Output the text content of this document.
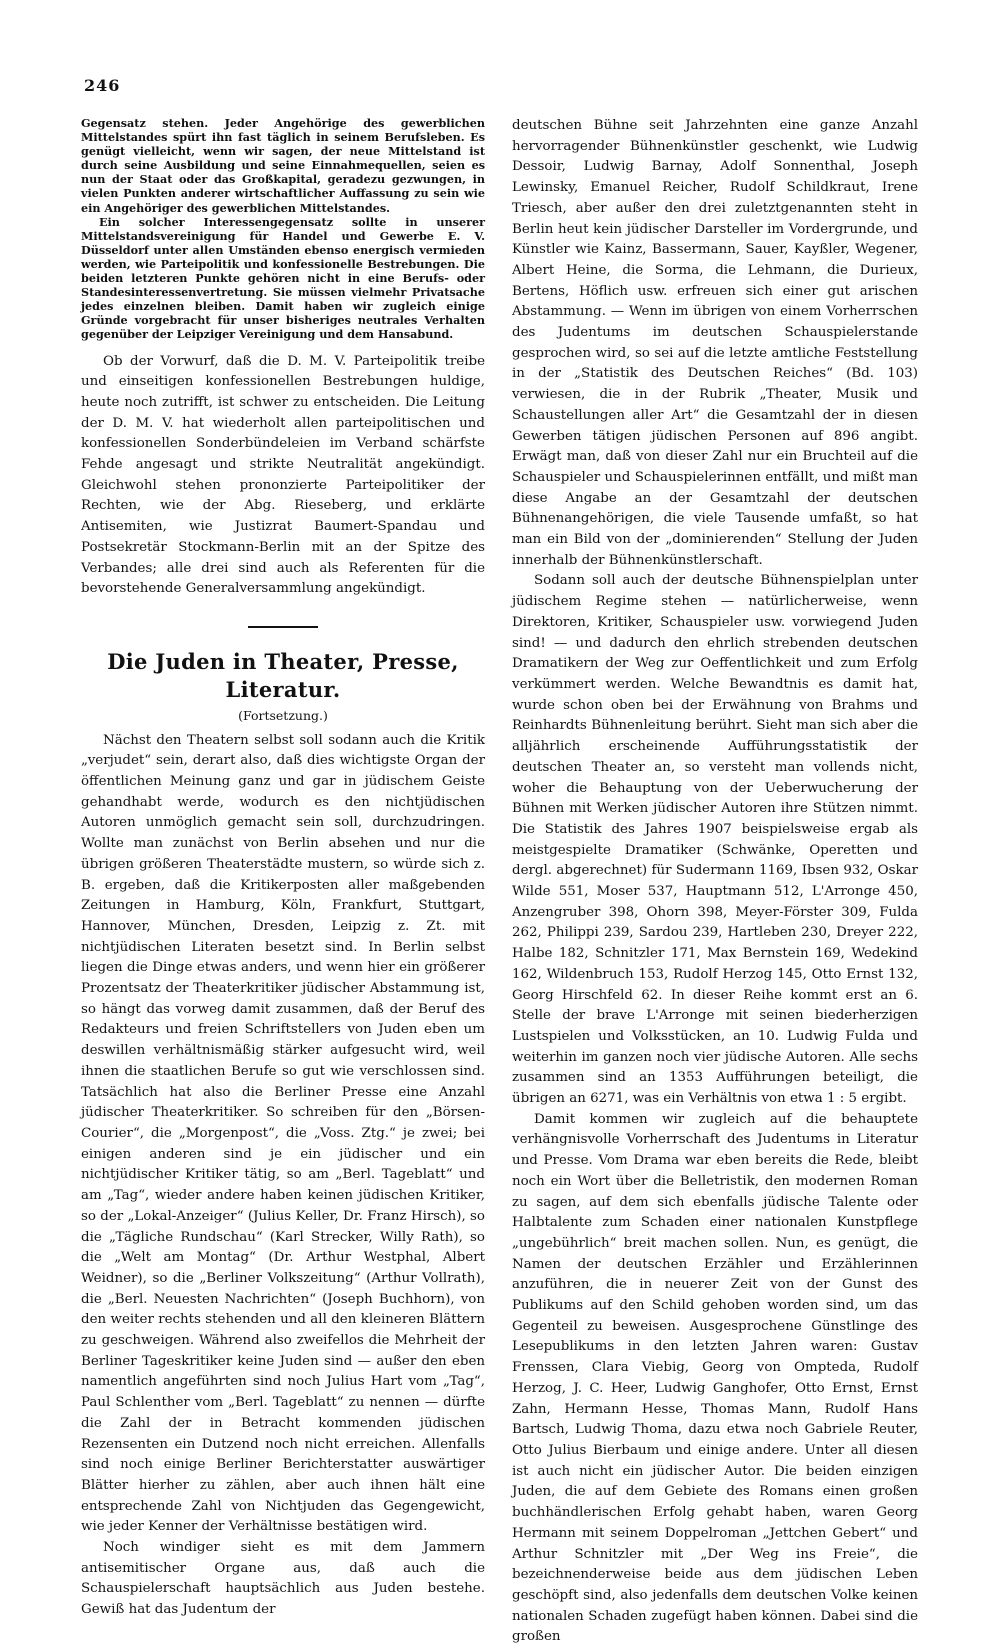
246

Gegensatz stehen. Jeder Angehörige des gewerblichen Mittelstandes spürt ihn fast täglich in seinem Berufsleben. Es genügt vielleicht, wenn wir sagen, der neue Mittelstand ist durch seine Ausbildung und seine Einnahmequellen, seien es nun der Staat oder das Großkapital, geradezu gezwungen, in vielen Punkten anderer wirtschaftlicher Auffassung zu sein wie ein Angehöriger des gewerblichen Mittelstandes.

Ein solcher Interessengegensatz sollte in unserer Mittelstandsvereinigung für Handel und Gewerbe E. V. Düsseldorf unter allen Umständen ebenso energisch vermieden werden, wie Parteipolitik und konfessionelle Bestrebungen. Die beiden letzteren Punkte gehören nicht in eine Berufs- oder Standesinteressenvertretung. Sie müssen vielmehr Privatsache jedes einzelnen bleiben. Damit haben wir zugleich einige Gründe vorgebracht für unser bisheriges neutrales Verhalten gegenüber der Leipziger Vereinigung und dem Hansabund.

Ob der Vorwurf, daß die D. M. V. Parteipolitik treibe und einseitigen konfessionellen Bestrebungen huldige, heute noch zutrifft, ist schwer zu entscheiden. Die Leitung der D. M. V. hat wiederholt allen parteipolitischen und konfessionellen Sonderbündeleien im Verband schärfste Fehde angesagt und strikte Neutralität angekündigt. Gleichwohl stehen prononzierte Parteipolitiker der Rechten, wie der Abg. Rieseberg, und erklärte Antisemiten, wie Justizrat Baumert-Spandau und Postsekretär Stockmann-Berlin mit an der Spitze des Verbandes; alle drei sind auch als Referenten für die bevorstehende Generalversammlung angekündigt.

Die Juden in Theater, Presse, Literatur.
(Fortsetzung.)

Nächst den Theatern selbst soll sodann auch die Kritik „verjudet“ sein, derart also, daß dies wichtigste Organ der öffentlichen Meinung ganz und gar in jüdischem Geiste gehandhabt werde, wodurch es den nichtjüdischen Autoren unmöglich gemacht sein soll, durchzudringen. Wollte man zunächst von Berlin absehen und nur die übrigen größeren Theaterstädte mustern, so würde sich z. B. ergeben, daß die Kritikerposten aller maßgebenden Zeitungen in Hamburg, Köln, Frankfurt, Stuttgart, Hannover, München, Dresden, Leipzig z. Zt. mit nichtjüdischen Literaten besetzt sind. In Berlin selbst liegen die Dinge etwas anders, und wenn hier ein größerer Prozentsatz der Theaterkritiker jüdischer Abstammung ist, so hängt das vorweg damit zusammen, daß der Beruf des Redakteurs und freien Schriftstellers von Juden eben um deswillen verhältnismäßig stärker aufgesucht wird, weil ihnen die staatlichen Berufe so gut wie verschlossen sind. Tatsächlich hat also die Berliner Presse eine Anzahl jüdischer Theaterkritiker. So schreiben für den „Börsen-Courier“, die „Morgenpost“, die „Voss. Ztg.“ je zwei; bei einigen anderen sind je ein jüdischer und ein nichtjüdischer Kritiker tätig, so am „Berl. Tageblatt“ und am „Tag“, wieder andere haben keinen jüdischen Kritiker, so der „Lokal-Anzeiger“ (Julius Keller, Dr. Franz Hirsch), so die „Tägliche Rundschau“ (Karl Strecker, Willy Rath), so die „Welt am Montag“ (Dr. Arthur Westphal, Albert Weidner), so die „Berliner Volkszeitung“ (Arthur Vollrath), die „Berl. Neuesten Nachrichten“ (Joseph Buchhorn), von den weiter rechts stehenden und all den kleineren Blättern zu geschweigen. Während also zweifellos die Mehrheit der Berliner Tageskritiker keine Juden sind — außer den eben namentlich angeführten sind noch Julius Hart vom „Tag“, Paul Schlenther vom „Berl. Tageblatt“ zu nennen — dürfte die Zahl der in Betracht kommenden jüdischen Rezensenten ein Dutzend noch nicht erreichen. Allenfalls sind noch einige Berliner Berichterstatter auswärtiger Blätter hierher zu zählen, aber auch ihnen hält eine entsprechende Zahl von Nichtjuden das Gegengewicht, wie jeder Kenner der Verhältnisse bestätigen wird.

Noch windiger sieht es mit dem Jammern antisemitischer Organe aus, daß auch die Schauspielerschaft hauptsächlich aus Juden bestehe. Gewiß hat das Judentum der

deutschen Bühne seit Jahrzehnten eine ganze Anzahl hervorragender Bühnenkünstler geschenkt, wie Ludwig Dessoir, Ludwig Barnay, Adolf Sonnenthal, Joseph Lewinsky, Emanuel Reicher, Rudolf Schildkraut, Irene Triesch, aber außer den drei zuletztgenannten steht in Berlin heut kein jüdischer Darsteller im Vordergrunde, und Künstler wie Kainz, Bassermann, Sauer, Kayßler, Wegener, Albert Heine, die Sorma, die Lehmann, die Durieux, Bertens, Höflich usw. erfreuen sich einer gut arischen Abstammung. — Wenn im übrigen von einem Vorherrschen des Judentums im deutschen Schauspielerstande gesprochen wird, so sei auf die letzte amtliche Feststellung in der „Statistik des Deutschen Reiches“ (Bd. 103) verwiesen, die in der Rubrik „Theater, Musik und Schaustellungen aller Art“ die Gesamtzahl der in diesen Gewerben tätigen jüdischen Personen auf 896 angibt. Erwägt man, daß von dieser Zahl nur ein Bruchteil auf die Schauspieler und Schauspielerinnen entfällt, und mißt man diese Angabe an der Gesamtzahl der deutschen Bühnenangehörigen, die viele Tausende umfaßt, so hat man ein Bild von der „dominierenden“ Stellung der Juden innerhalb der Bühnenkünstlerschaft.

Sodann soll auch der deutsche Bühnenspielplan unter jüdischem Regime stehen — natürlicherweise, wenn Direktoren, Kritiker, Schauspieler usw. vorwiegend Juden sind! — und dadurch den ehrlich strebenden deutschen Dramatikern der Weg zur Oeffentlichkeit und zum Erfolg verkümmert werden. Welche Bewandtnis es damit hat, wurde schon oben bei der Erwähnung von Brahms und Reinhardts Bühnenleitung berührt. Sieht man sich aber die alljährlich erscheinende Aufführungsstatistik der deutschen Theater an, so versteht man vollends nicht, woher die Behauptung von der Ueberwucherung der Bühnen mit Werken jüdischer Autoren ihre Stützen nimmt. Die Statistik des Jahres 1907 beispielsweise ergab als meistgespielte Dramatiker (Schwänke, Operetten und dergl. abgerechnet) für Sudermann 1169, Ibsen 932, Oskar Wilde 551, Moser 537, Hauptmann 512, L'Arronge 450, Anzengruber 398, Ohorn 398, Meyer-Förster 309, Fulda 262, Philippi 239, Sardou 239, Hartleben 230, Dreyer 222, Halbe 182, Schnitzler 171, Max Bernstein 169, Wedekind 162, Wildenbruch 153, Rudolf Herzog 145, Otto Ernst 132, Georg Hirschfeld 62. In dieser Reihe kommt erst an 6. Stelle der brave L'Arronge mit seinen biederherzigen Lustspielen und Volksstücken, an 10. Ludwig Fulda und weiterhin im ganzen noch vier jüdische Autoren. Alle sechs zusammen sind an 1353 Aufführungen beteiligt, die übrigen an 6271, was ein Verhältnis von etwa 1 : 5 ergibt.

Damit kommen wir zugleich auf die behauptete verhängnisvolle Vorherrschaft des Judentums in Literatur und Presse. Vom Drama war eben bereits die Rede, bleibt noch ein Wort über die Belletristik, den modernen Roman zu sagen, auf dem sich ebenfalls jüdische Talente oder Halbtalente zum Schaden einer nationalen Kunstpflege „ungebührlich“ breit machen sollen. Nun, es genügt, die Namen der deutschen Erzähler und Erzählerinnen anzuführen, die in neuerer Zeit von der Gunst des Publikums auf den Schild gehoben worden sind, um das Gegenteil zu beweisen. Ausgesprochene Günstlinge des Lesepublikums in den letzten Jahren waren: Gustav Frenssen, Clara Viebig, Georg von Ompteda, Rudolf Herzog, J. C. Heer, Ludwig Ganghofer, Otto Ernst, Ernst Zahn, Hermann Hesse, Thomas Mann, Rudolf Hans Bartsch, Ludwig Thoma, dazu etwa noch Gabriele Reuter, Otto Julius Bierbaum und einige andere. Unter all diesen ist auch nicht ein jüdischer Autor. Die beiden einzigen Juden, die auf dem Gebiete des Romans einen großen buchhändlerischen Erfolg gehabt haben, waren Georg Hermann mit seinem Doppelroman „Jettchen Gebert“ und Arthur Schnitzler mit „Der Weg ins Freie“, die bezeichnenderweise beide aus dem jüdischen Leben geschöpft sind, also jedenfalls dem deutschen Volke keinen nationalen Schaden zugefügt haben können. Dabei sind die großen
